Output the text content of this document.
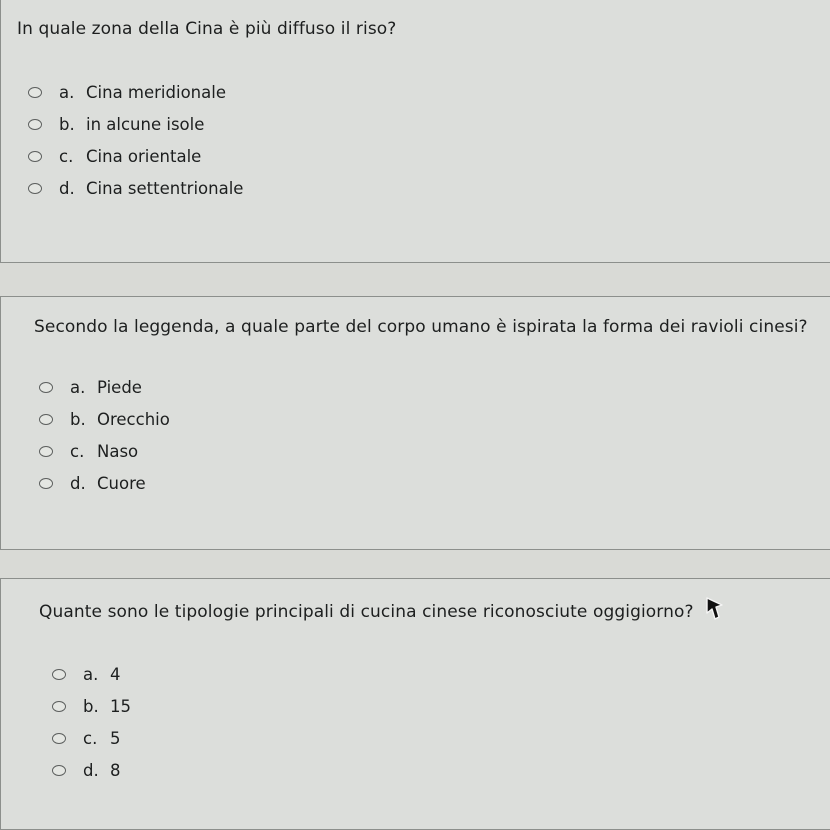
In quale zona della Cina è più diffuso il riso?
a. Cina meridionale
b. in alcune isole
c. Cina orientale
d. Cina settentrionale
Secondo la leggenda, a quale parte del corpo umano è ispirata la forma dei ravioli cinesi?
a. Piede
b. Orecchio
c. Naso
d. Cuore
Quante sono le tipologie principali di cucina cinese riconosciute oggigiorno?
a. 4
b. 15
c. 5
d. 8
